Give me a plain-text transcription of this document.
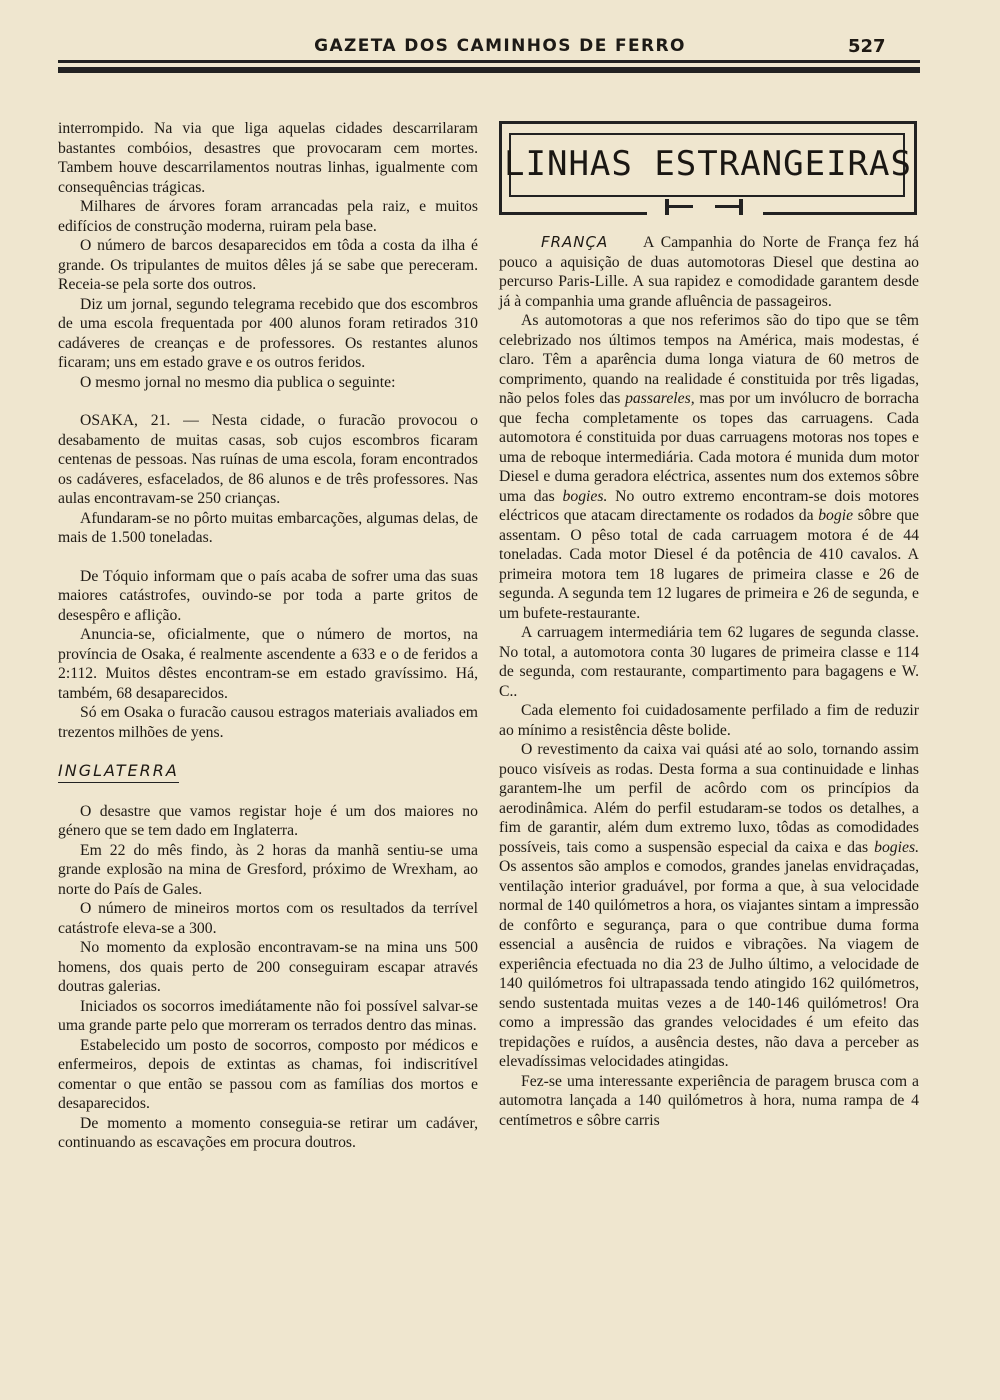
GAZETA DOS CAMINHOS DE FERRO	527

interrompido. Na via que liga aquelas cidades descarrilaram bastantes combóios, desastres que provocaram cem mortes. Tambem houve descarrilamentos noutras linhas, igualmente com consequências trágicas.

Milhares de árvores foram arrancadas pela raiz, e muitos edifícios de construção moderna, ruiram pela base.

O número de barcos desaparecidos em tôda a costa da ilha é grande. Os tripulantes de muitos dêles já se sabe que pereceram. Receia-se pela sorte dos outros.

Diz um jornal, segundo telegrama recebido que dos escombros de uma escola frequentada por 400 alunos foram retirados 310 cadáveres de creanças e de professores. Os restantes alunos ficaram; uns em estado grave e os outros feridos.

O mesmo jornal no mesmo dia publica o seguinte:

OSAKA, 21. — Nesta cidade, o furacão provocou o desabamento de muitas casas, sob cujos escombros ficaram centenas de pessoas. Nas ruínas de uma escola, foram encontrados os cadáveres, esfacelados, de 86 alunos e de três professores. Nas aulas encontravam-se 250 crianças.

Afundaram-se no pôrto muitas embarcações, algumas delas, de mais de 1.500 toneladas.

De Tóquio informam que o país acaba de sofrer uma das suas maiores catástrofes, ouvindo-se por toda a parte gritos de desespêro e aflição.

Anuncia-se, oficialmente, que o número de mortos, na província de Osaka, é realmente ascendente a 633 e o de feridos a 2:112. Muitos dêstes encontram-se em estado gravíssimo. Há, também, 68 desaparecidos.

Só em Osaka o furacão causou estragos materiais avaliados em trezentos milhões de yens.

INGLATERRA

O desastre que vamos registar hoje é um dos maiores no género que se tem dado em Inglaterra.

Em 22 do mês findo, às 2 horas da manhã sentiu-se uma grande explosão na mina de Gresford, próximo de Wrexham, ao norte do País de Gales.

O número de mineiros mortos com os resultados da terrível catástrofe eleva-se a 300.

No momento da explosão encontravam-se na mina uns 500 homens, dos quais perto de 200 conseguiram escapar através doutras galerias.

Iniciados os socorros imediátamente não foi possível salvar-se uma grande parte pelo que morreram os terrados dentro das minas.

Estabelecido um posto de socorros, composto por médicos e enfermeiros, depois de extintas as chamas, foi indiscritível comentar o que então se passou com as famílias dos mortos e desaparecidos.

De momento a momento conseguia-se retirar um cadáver, continuando as escavações em procura doutros.

LINHAS ESTRANGEIRAS

FRANÇA	A Campanhia do Norte de França fez há pouco a aquisição de duas automotoras Diesel que destina ao percurso Paris-Lille. A sua rapidez e comodidade garantem desde já à companhia uma grande afluência de passageiros.

As automotoras a que nos referimos são do tipo que se têm celebrizado nos últimos tempos na América, mais modestas, é claro. Têm a aparência duma longa viatura de 60 metros de comprimento, quando na realidade é constituida por três ligadas, não pelos foles das passareles, mas por um invólucro de borracha que fecha completamente os topes das carruagens. Cada automotora é constituida por duas carruagens motoras nos topes e uma de reboque intermediária. Cada motora é munida dum motor Diesel e duma geradora eléctrica, assentes num dos extemos sôbre uma das bogies. No outro extremo encontram-se dois motores eléctricos que atacam directamente os rodados da bogie sôbre que assentam. O pêso total de cada carruagem motora é de 44 toneladas. Cada motor Diesel é da potência de 410 cavalos. A primeira motora tem 18 lugares de primeira classe e 26 de segunda. A segunda tem 12 lugares de primeira e 26 de segunda, e um bufete-restaurante.

A carruagem intermediária tem 62 lugares de segunda classe. No total, a automotora conta 30 lugares de primeira classe e 114 de segunda, com restaurante, compartimento para bagagens e W. C..

Cada elemento foi cuidadosamente perfilado a fim de reduzir ao mínimo a resistência dêste bolide.

O revestimento da caixa vai quási até ao solo, tornando assim pouco visíveis as rodas. Desta forma a sua continuidade e linhas garantem-lhe um perfil de acôrdo com os princípios da aerodinâmica. Além do perfil estudaram-se todos os detalhes, a fim de garantir, além dum extremo luxo, tôdas as comodidades possíveis, tais como a suspensão especial da caixa e das bogies. Os assentos são amplos e comodos, grandes janelas envidraçadas, ventilação interior graduável, por forma a que, à sua velocidade normal de 140 quilómetros a hora, os viajantes sintam a impressão de confôrto e segurança, para o que contribue duma forma essencial a ausência de ruidos e vibrações. Na viagem de experiência efectuada no dia 23 de Julho último, a velocidade de 140 quilómetros foi ultrapassada tendo atingido 162 quilómetros, sendo sustentada muitas vezes a de 140-146 quilómetros! Ora como a impressão das grandes velocidades é um efeito das trepidações e ruídos, a ausência destes, não dava a perceber as elevadíssimas velocidades atingidas.

Fez-se uma interessante experiência de paragem brusca com a automotra lançada a 140 quilómetros à hora, numa rampa de 4 centímetros e sôbre carris
